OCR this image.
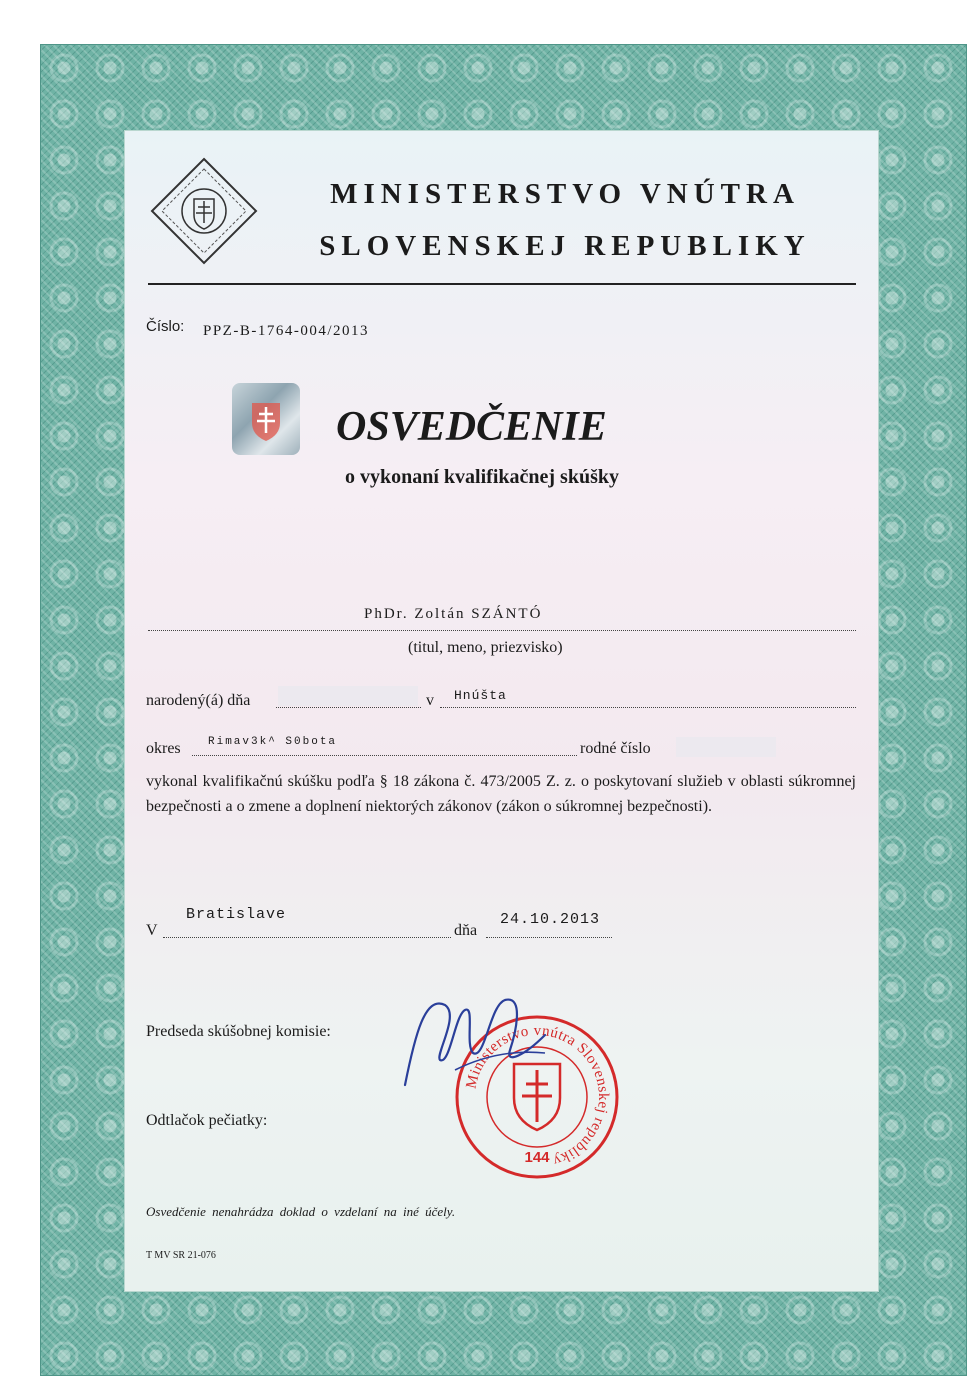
MINISTERSTVO VNÚTRA
SLOVENSKEJ REPUBLIKY
Číslo: PPZ-B-1764-004/2013
OSVEDČENIE
o vykonaní kvalifikačnej skúšky
PhDr. Zoltán SZÁNTÓ
(titul, meno, priezvisko)
narodený(á) dňa	v Hnúšta
okres Rimav3k^ S0bota	rodné číslo
vykonal kvalifikačnú skúšku podľa § 18 zákona č. 473/2005 Z. z. o poskytovaní služieb v oblasti súkromnej bezpečnosti a o zmene a doplnení niektorých zákonov (zákon o súkromnej bezpečnosti).
V
Bratislave
dňa
24.10.2013
Predseda skúšobnej komisie:
Odtlačok pečiatky:
Ministerstvo vnútra Slovenskej republiky
144
Osvedčenie nenahrádza doklad o vzdelaní na iné účely.
T MV SR 21-076
